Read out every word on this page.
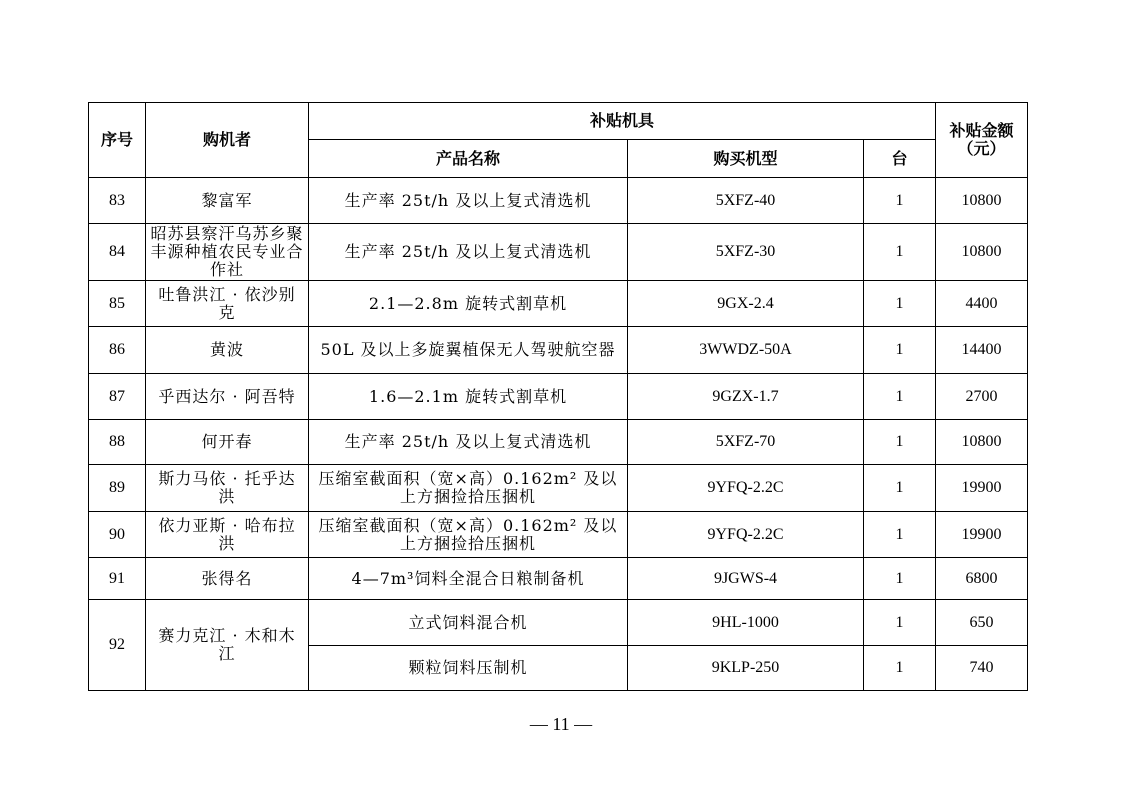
序号	购机者	补贴机具			补贴金额
（元）
		产品名称	购买机型	台	
83	黎富军	生产率 25t/h 及以上复式清选机	5XFZ-40	1	10800
84	昭苏县察汗乌苏乡聚丰源种植农民专业合作社	生产率 25t/h 及以上复式清选机	5XFZ-30	1	10800
85	吐鲁洪江 · 依沙别克	2.1—2.8m 旋转式割草机	9GX-2.4	1	4400
86	黄波	50L 及以上多旋翼植保无人驾驶航空器	3WWDZ-50A	1	14400
87	乎西达尔 · 阿吾特	1.6—2.1m 旋转式割草机	9GZX-1.7	1	2700
88	何开春	生产率 25t/h 及以上复式清选机	5XFZ-70	1	10800
89	斯力马依 · 托乎达洪	压缩室截面积（宽×高）0.162m² 及以上方捆捡拾压捆机	9YFQ-2.2C	1	19900
90	依力亚斯 · 哈布拉洪	压缩室截面积（宽×高）0.162m² 及以上方捆捡拾压捆机	9YFQ-2.2C	1	19900
91	张得名	4—7m³饲料全混合日粮制备机	9JGWS-4	1	6800
92	赛力克江 · 木和木江	立式饲料混合机	9HL-1000	1	650
		颗粒饲料压制机	9KLP-250	1	740
— 11 —
